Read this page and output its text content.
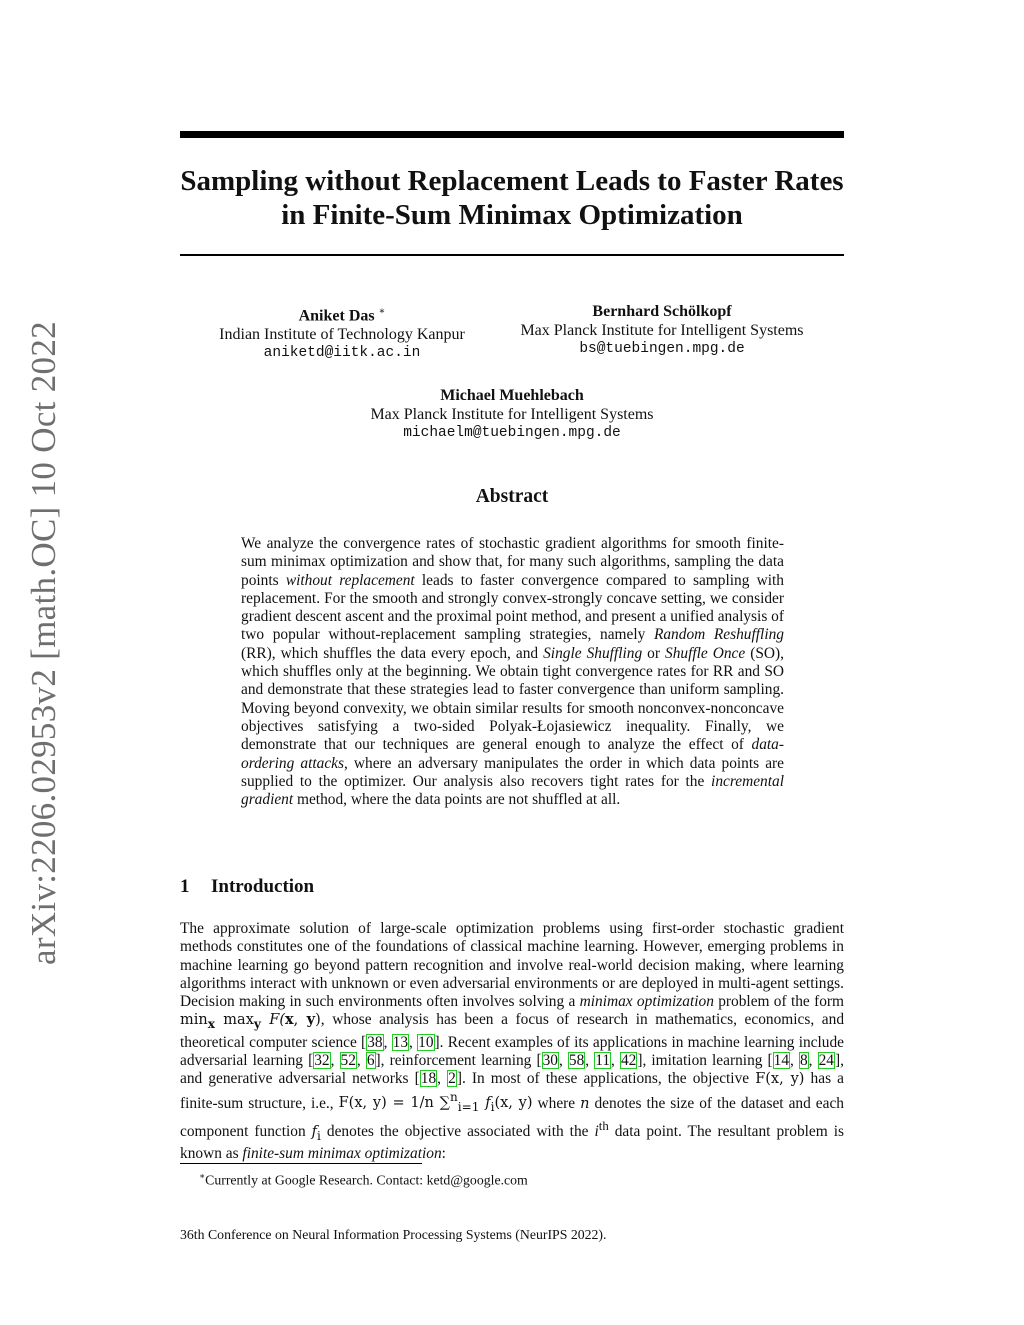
arXiv:2206.02953v2 [math.OC] 10 Oct 2022
Sampling without Replacement Leads to Faster Rates
in Finite-Sum Minimax Optimization
Aniket Das ∗
Indian Institute of Technology Kanpur
aniketd@iitk.ac.in
Bernhard Schölkopf
Max Planck Institute for Intelligent Systems
bs@tuebingen.mpg.de
Michael Muehlebach
Max Planck Institute for Intelligent Systems
michaelm@tuebingen.mpg.de
Abstract

We analyze the convergence rates of stochastic gradient algorithms for smooth finite-sum minimax optimization and show that, for many such algorithms, sampling the data points without replacement leads to faster convergence compared to sampling with replacement. For the smooth and strongly convex-strongly concave setting, we consider gradient descent ascent and the proximal point method, and present a unified analysis of two popular without-replacement sampling strategies, namely Random Reshuffling (RR), which shuffles the data every epoch, and Single Shuffling or Shuffle Once (SO), which shuffles only at the beginning. We obtain tight convergence rates for RR and SO and demonstrate that these strategies lead to faster convergence than uniform sampling. Moving beyond convexity, we obtain similar results for smooth nonconvex-nonconcave objectives satisfying a two-sided Polyak-Łojasiewicz inequality. Finally, we demonstrate that our techniques are general enough to analyze the effect of data-ordering attacks, where an adversary manipulates the order in which data points are supplied to the optimizer. Our analysis also recovers tight rates for the incremental gradient method, where the data points are not shuffled at all.

1 Introduction

The approximate solution of large-scale optimization problems using first-order stochastic gradient methods constitutes one of the foundations of classical machine learning. However, emerging problems in machine learning go beyond pattern recognition and involve real-world decision making, where learning algorithms interact with unknown or even adversarial environments or are deployed in multi-agent settings. Decision making in such environments often involves solving a minimax optimization problem of the form $\min_x \max_y F(x$, y), whose analysis has been a focus of research in mathematics, economics, and theoretical computer science [38, 13, 10]. Recent examples of its applications in machine learning include adversarial learning [32, 52, 6], reinforcement learning [30, 58, 11, 42], imitation learning [14, 8, 24], and generative adversarial networks [18, 2]. In most of these applications, the objective F(x, y) has a finite-sum structure, i.e., F(x, y) = 1/n ∑$^n_{i=1}$ $f_i(x$, y) where n denotes the size of the dataset and each component function $f_i$ denotes the objective associated with the $i^{th}$ data point. The resultant problem is known as finite-sum minimax optimization:

∗Currently at Google Research. Contact: ketd@google.com
36th Conference on Neural Information Processing Systems (NeurIPS 2022).
